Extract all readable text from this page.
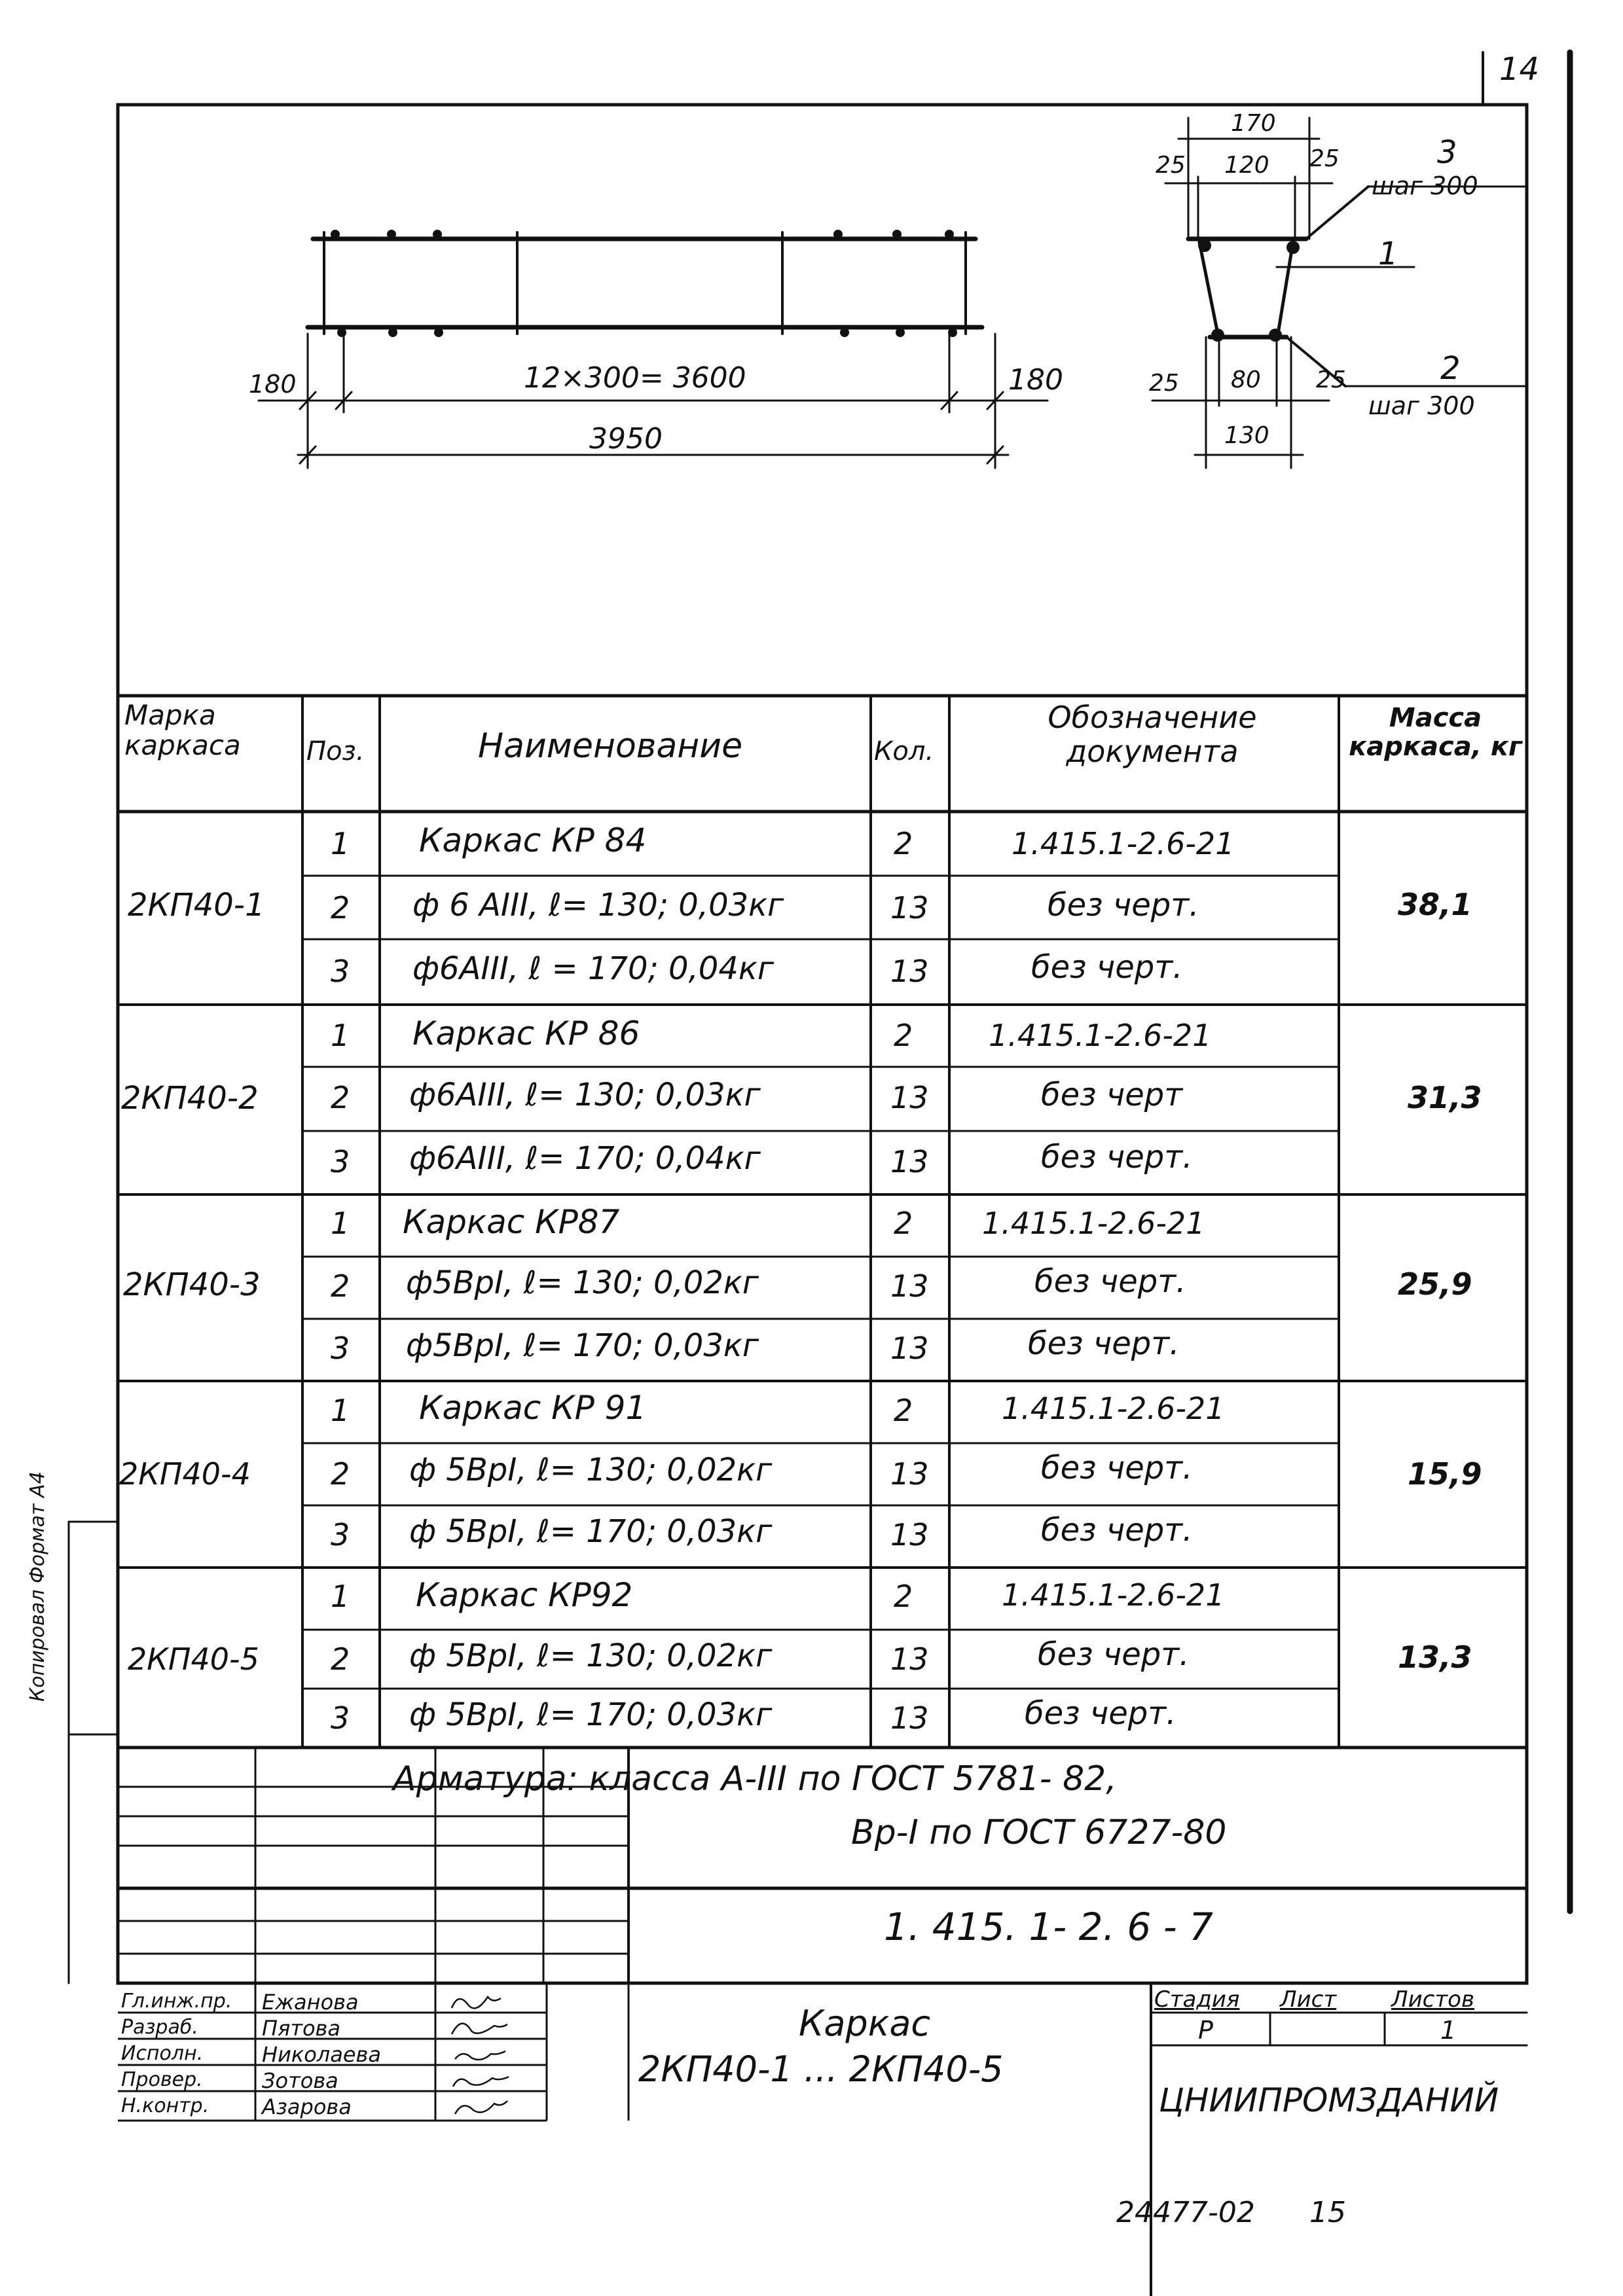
14
180	12×300= 3600	180
3950
170
25 120 25
25 80 25
130
3
шаг 300
1
2
шаг 300
Марка каркаса	Поз.	Наименование	Кол.
Обозначение документа
Масса каркаса, кг
2КП40-1	38,1
1 Каркас КР 84	2	1.415.1-2.6-21
2 ф 6 АIII, ℓ= 130; 0,03кг	13	без черт.
3 ф6АIII, ℓ = 170; 0,04кг	13	без черт.
2КП40-2	31,3
1 Каркас КР 86	2	1.415.1-2.6-21
2 ф6АIII, ℓ= 130; 0,03кг	13	без черт
3 ф6АIII, ℓ= 170; 0,04кг	13	без черт.
2КП40-3	25,9
1 Каркас КР87	2 1.415.1-2.6-21
2 ф5ВрI, ℓ= 130; 0,02кг	13	без черт.
3 ф5ВрI, ℓ= 170; 0,03кг	13	без черт.
2КП40-4	15,9
1 Каркас КР 91	2	1.415.1-2.6-21
2 ф 5ВрI, ℓ= 130; 0,02кг	13	без черт.
3 ф 5ВрI, ℓ= 170; 0,03кг	13	без черт.
2КП40-5	13,3
1 Каркас КР92	2	1.415.1-2.6-21
2 ф 5ВрI, ℓ= 130; 0,02кг	13	без черт.
3 ф 5ВрI, ℓ= 170; 0,03кг	13	без черт.
Арматура: класса А-III по ГОСТ 5781- 82,
Вр-I по ГОСТ 6727-80
1. 415. 1- 2. 6 - 7
Каркас
2КП40-1 ... 2КП40-5
Стадия Лист Листов
Р	1
ЦНИИПРОМЗДАНИЙ
Гл.инж.пр. Ежанова
Разраб.	Пятова
Исполн.	Николаева
Провер.	Зотова
Н.контр.	Азарова
Копировал Формат А4
24477-02 15
